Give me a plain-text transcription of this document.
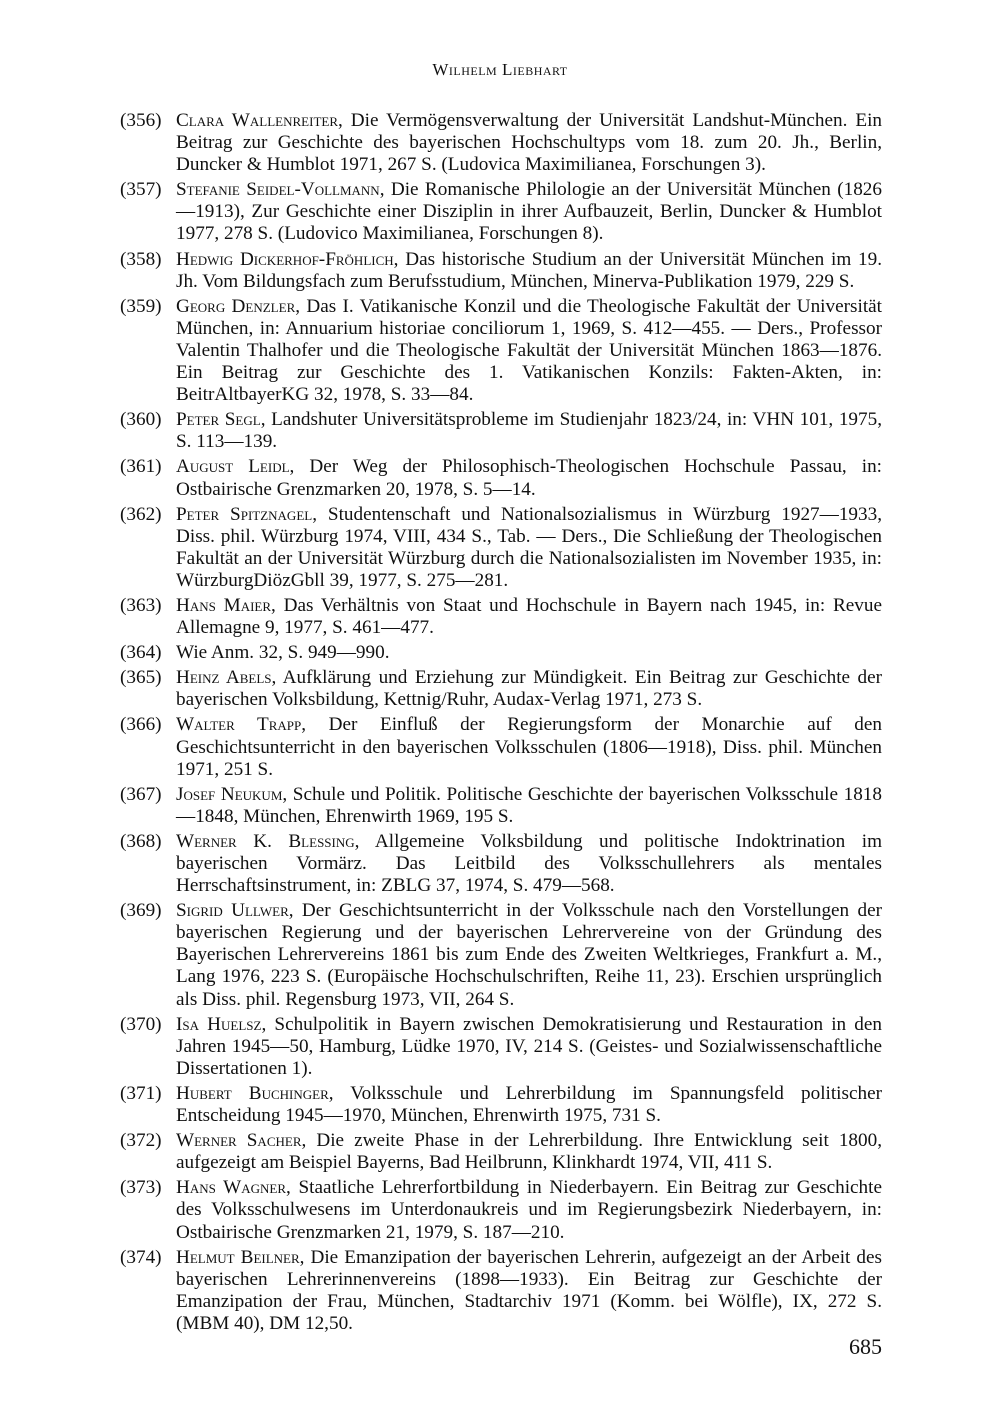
Wilhelm Liebhart
(356) Clara Wallenreiter, Die Vermögensverwaltung der Universität Landshut-München. Ein Beitrag zur Geschichte des bayerischen Hochschultyps vom 18. zum 20. Jh., Berlin, Duncker & Humblot 1971, 267 S. (Ludovica Maximilianea, Forschungen 3).
(357) Stefanie Seidel-Vollmann, Die Romanische Philologie an der Universität München (1826—1913), Zur Geschichte einer Disziplin in ihrer Aufbauzeit, Berlin, Duncker & Humblot 1977, 278 S. (Ludovico Maximilianea, Forschungen 8).
(358) Hedwig Dickerhof-Fröhlich, Das historische Studium an der Universität München im 19. Jh. Vom Bildungsfach zum Berufsstudium, München, Minerva-Publikation 1979, 229 S.
(359) Georg Denzler, Das I. Vatikanische Konzil und die Theologische Fakultät der Universität München, in: Annuarium historiae conciliorum 1, 1969, S. 412—455. — Ders., Professor Valentin Thalhofer und die Theologische Fakultät der Universität München 1863—1876. Ein Beitrag zur Geschichte des 1. Vatikanischen Konzils: Fakten-Akten, in: BeitrAltbayerKG 32, 1978, S. 33—84.
(360) Peter Segl, Landshuter Universitätsprobleme im Studienjahr 1823/24, in: VHN 101, 1975, S. 113—139.
(361) August Leidl, Der Weg der Philosophisch-Theologischen Hochschule Passau, in: Ostbairische Grenzmarken 20, 1978, S. 5—14.
(362) Peter Spitznagel, Studentenschaft und Nationalsozialismus in Würzburg 1927—1933, Diss. phil. Würzburg 1974, VIII, 434 S., Tab. — Ders., Die Schließung der Theologischen Fakultät an der Universität Würzburg durch die Nationalsozialisten im November 1935, in: WürzburgDiözGbll 39, 1977, S. 275—281.
(363) Hans Maier, Das Verhältnis von Staat und Hochschule in Bayern nach 1945, in: Revue Allemagne 9, 1977, S. 461—477.
(364) Wie Anm. 32, S. 949—990.
(365) Heinz Abels, Aufklärung und Erziehung zur Mündigkeit. Ein Beitrag zur Geschichte der bayerischen Volksbildung, Kettnig/Ruhr, Audax-Verlag 1971, 273 S.
(366) Walter Trapp, Der Einfluß der Regierungsform der Monarchie auf den Geschichtsunterricht in den bayerischen Volksschulen (1806—1918), Diss. phil. München 1971, 251 S.
(367) Josef Neukum, Schule und Politik. Politische Geschichte der bayerischen Volksschule 1818—1848, München, Ehrenwirth 1969, 195 S.
(368) Werner K. Blessing, Allgemeine Volksbildung und politische Indoktrination im bayerischen Vormärz. Das Leitbild des Volksschullehrers als mentales Herrschaftsinstrument, in: ZBLG 37, 1974, S. 479—568.
(369) Sigrid Ullwer, Der Geschichtsunterricht in der Volksschule nach den Vorstellungen der bayerischen Regierung und der bayerischen Lehrervereine von der Gründung des Bayerischen Lehrervereins 1861 bis zum Ende des Zweiten Weltkrieges, Frankfurt a. M., Lang 1976, 223 S. (Europäische Hochschulschriften, Reihe 11, 23). Erschien ursprünglich als Diss. phil. Regensburg 1973, VII, 264 S.
(370) Isa Huelsz, Schulpolitik in Bayern zwischen Demokratisierung und Restauration in den Jahren 1945—50, Hamburg, Lüdke 1970, IV, 214 S. (Geistes- und Sozialwissenschaftliche Dissertationen 1).
(371) Hubert Buchinger, Volksschule und Lehrerbildung im Spannungsfeld politischer Entscheidung 1945—1970, München, Ehrenwirth 1975, 731 S.
(372) Werner Sacher, Die zweite Phase in der Lehrerbildung. Ihre Entwicklung seit 1800, aufgezeigt am Beispiel Bayerns, Bad Heilbrunn, Klinkhardt 1974, VII, 411 S.
(373) Hans Wagner, Staatliche Lehrerfortbildung in Niederbayern. Ein Beitrag zur Geschichte des Volksschulwesens im Unterdonaukreis und im Regierungsbezirk Niederbayern, in: Ostbairische Grenzmarken 21, 1979, S. 187—210.
(374) Helmut Beilner, Die Emanzipation der bayerischen Lehrerin, aufgezeigt an der Arbeit des bayerischen Lehrerinnenvereins (1898—1933). Ein Beitrag zur Geschichte der Emanzipation der Frau, München, Stadtarchiv 1971 (Komm. bei Wölfle), IX, 272 S. (MBM 40), DM 12,50.
685
